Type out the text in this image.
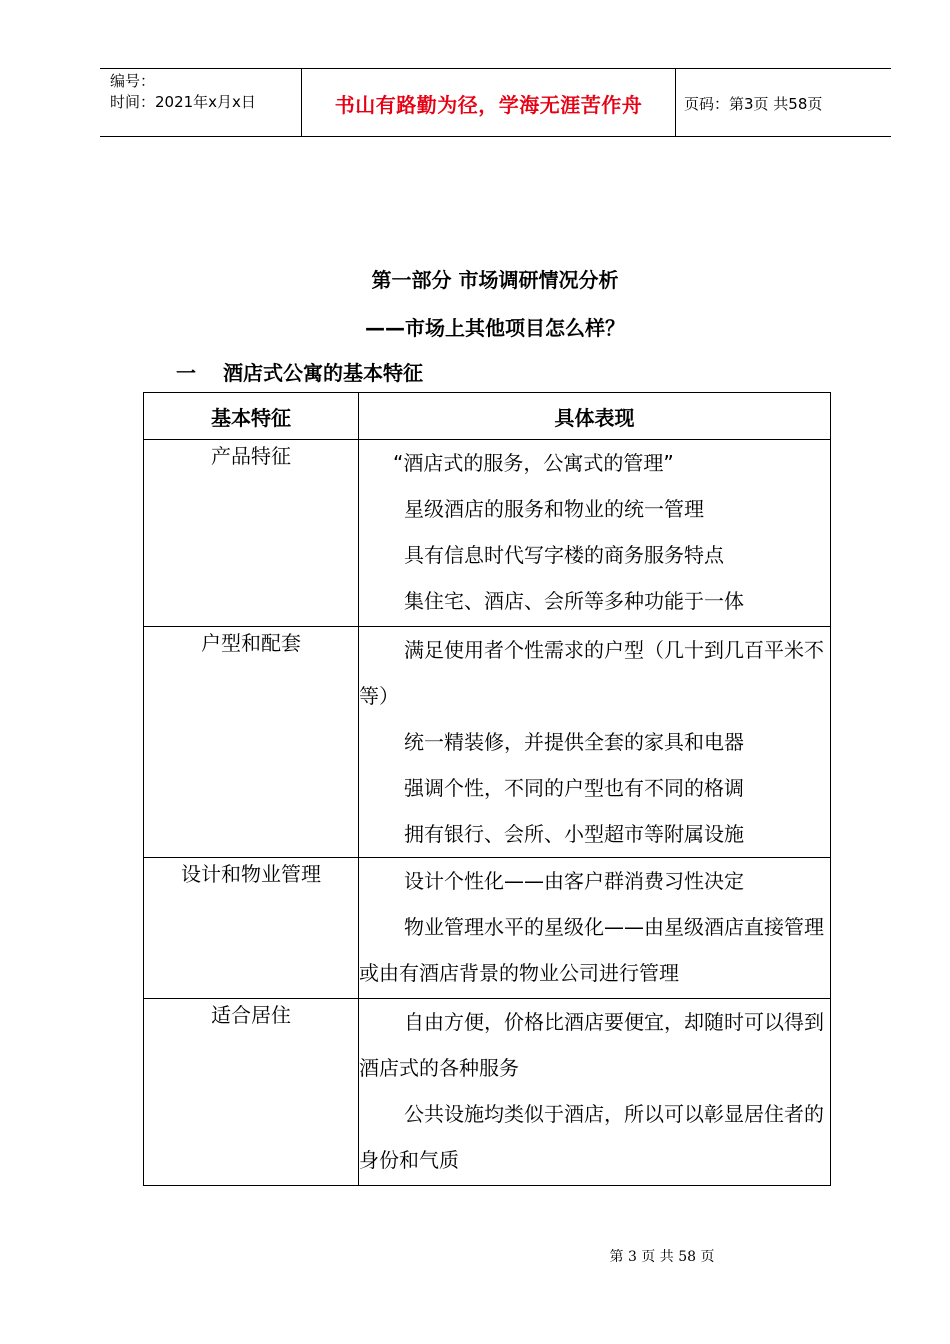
编号：
时间：2021年x月x日	书山有路勤为径，学海无涯苦作舟	页码：第3页 共58页
第一部分 市场调研情况分析
——市场上其他项目怎么样？
一 酒店式公寓的基本特征
基本特征	具体表现
产品特征	“酒店式的服务，公寓式的管理”
星级酒店的服务和物业的统一管理
具有信息时代写字楼的商务服务特点
集住宅、酒店、会所等多种功能于一体

户型和配套	满足使用者个性需求的户型（几十到几百平米不等）
统一精装修，并提供全套的家具和电器
强调个性，不同的户型也有不同的格调
拥有银行、会所、小型超市等附属设施

设计和物业管理	设计个性化——由客户群消费习性决定
物业管理水平的星级化——由星级酒店直接管理或由有酒店背景的物业公司进行管理

适合居住	自由方便，价格比酒店要便宜，却随时可以得到酒店式的各种服务
公共设施均类似于酒店，所以可以彰显居住者的身份和气质
第 3 页 共 58 页
